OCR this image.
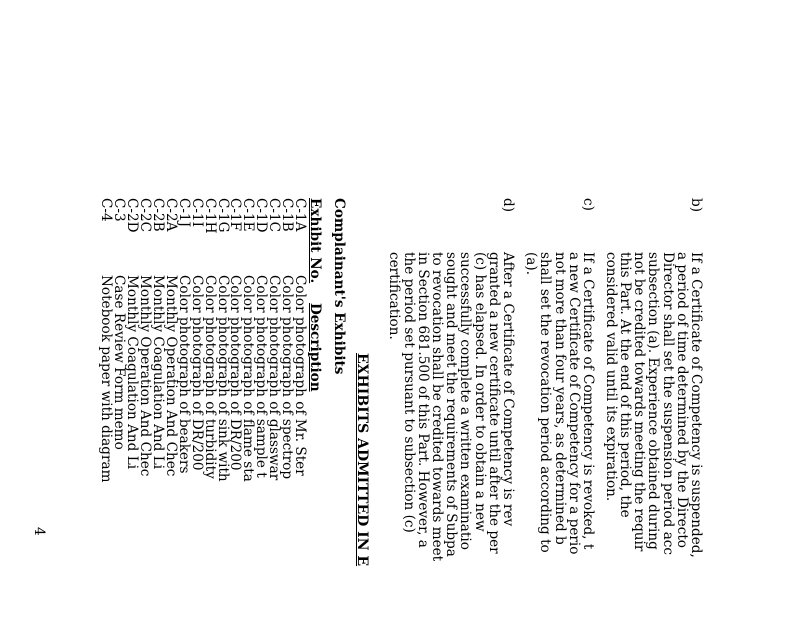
b)
If a Certificate of Competency is suspended,
a period of time determined by the Directo
Director shall set the suspension period acc
subsection (a). Experience obtained during
not be credited towards meeting the requir
this Part. At the end of this period, the
considered valid until its expiration.
c)
If a Certificate of Competency is revoked, t
a new Certificate of Competency for a perio
not more than four years, as determined b
shall set the revocation period according to
(a).
d)
After a Certificate of Competency is rev
granted a new certificate until after the per
(c) has elapsed. In order to obtain a new
successfully complete a written examinatio
sought and meet the requirements of Subpa
to revocation shall be credited towards meet
in Section 681.500 of this Part. However, a
the period set pursuant to subsection (c)
certification.
EXHIBITS ADMITTED IN E
Complainant's Exhibits
Exhibit No.
Description
C-1A
Color photograph of Mr. Ster
C-1B
Color photograph of spectrop
C-1C
Color photograph of glasswar
C-1D
Color photograph of sample t
C-1E
Color photograph of flame sta
C-1F
Color photograph of DR/200
C-1G
Color photograph of sink with
C-1H
Color photograph of turbidity
C-1I
Color photograph of DR/200
C-1J
Color photograph of beakers
C-2A
Monthly Operation And Chec
C-2B
Monthly Coagulation And Li
C-2C
Monthly Operation And Chec
C-2D
Monthly Coagulation And Li
C-3
Case Review Form memo
C-4
Notebook paper with diagram
4
